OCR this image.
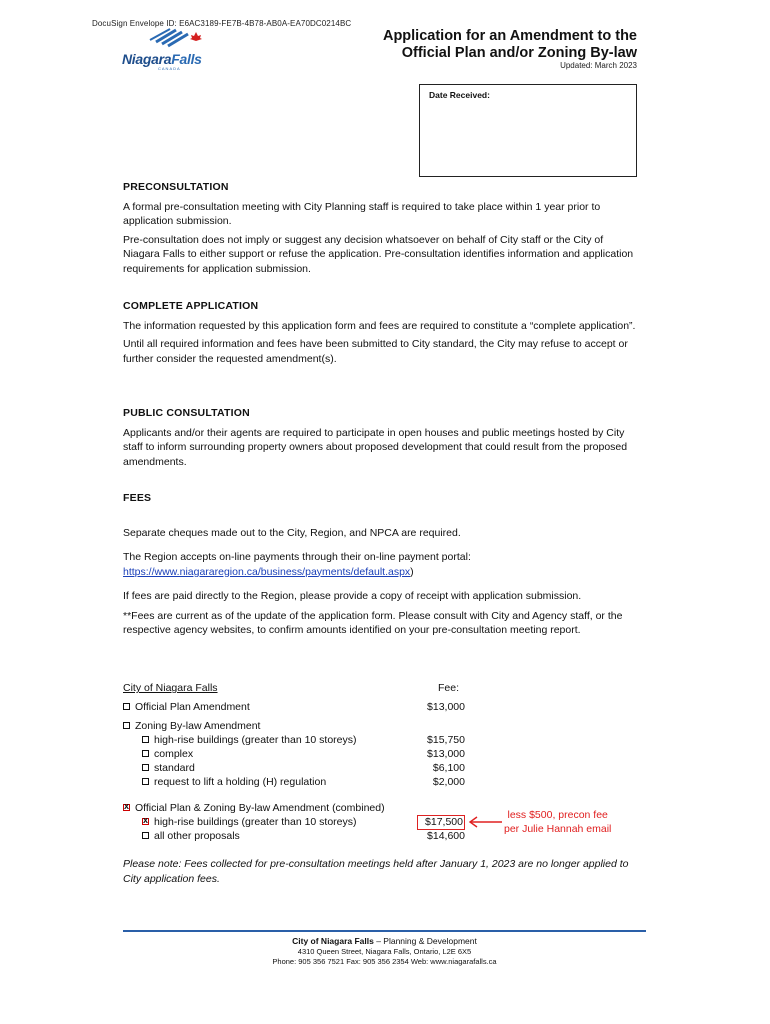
DocuSign Envelope ID: E6AC3189-FE7B-4B78-AB0A-EA70DC0214BC
NiagaraFalls
CANADA
Application for an Amendment to the
Official Plan and/or Zoning By-law
Updated: March 2023
Date Received:
PRECONSULTATION

A formal pre-consultation meeting with City Planning staff is required to take place within 1 year prior to application submission.

Pre-consultation does not imply or suggest any decision whatsoever on behalf of City staff or the City of Niagara Falls to either support or refuse the application. Pre-consultation identifies information and application requirements for application submission.

COMPLETE APPLICATION

The information requested by this application form and fees are required to constitute a “complete application”.

Until all required information and fees have been submitted to City standard, the City may refuse to accept or further consider the requested amendment(s).

PUBLIC CONSULTATION

Applicants and/or their agents are required to participate in open houses and public meetings hosted by City staff to inform surrounding property owners about proposed development that could result from the proposed amendments.

FEES

Separate cheques made out to the City, Region, and NPCA are required.

The Region accepts on-line payments through their on-line payment portal:

https://www.niagararegion.ca/business/payments/default.aspx)

If fees are paid directly to the Region, please provide a copy of receipt with application submission.

**Fees are current as of the update of the application form. Please consult with City and Agency staff, or the respective agency websites, to confirm amounts identified on your pre-consultation meeting report.

City of Niagara Falls	Fee:
Official Plan Amendment	$13,000
Zoning By-law Amendment
high-rise buildings (greater than 10 storeys)	$15,750
complex	$13,000
standard	$6,100
request to lift a holding (H) regulation	$2,000
xOfficial Plan & Zoning By-law Amendment (combined)
xhigh-rise buildings (greater than 10 storeys)	$17,500
all other proposals	$14,600
less $500, precon fee
per Julie Hannah email
Please note: Fees collected for pre-consultation meetings held after January 1, 2023 are no longer applied to City application fees.
City of Niagara Falls – Planning & Development
4310 Queen Street, Niagara Falls, Ontario, L2E 6X5
Phone: 905 356 7521 Fax: 905 356 2354 Web: www.niagarafalls.ca
